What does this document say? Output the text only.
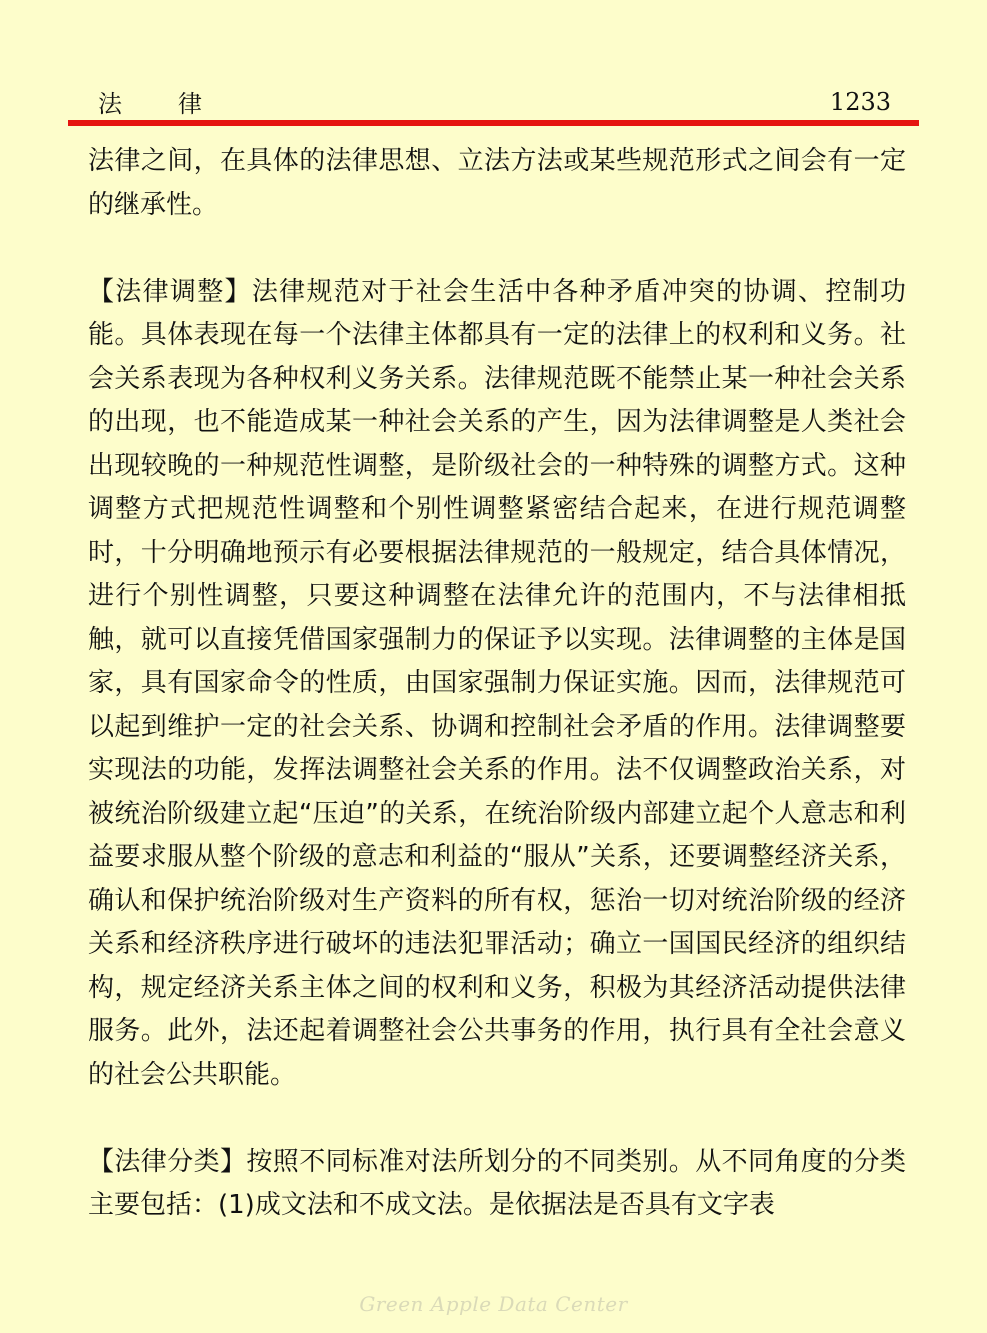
法律	1233

法律之间，在具体的法律思想、立法方法或某些规范形式之间会有一定的继承性。

【法律调整】法律规范对于社会生活中各种矛盾冲突的协调、控制功能。具体表现在每一个法律主体都具有一定的法律上的权利和义务。社会关系表现为各种权利义务关系。法律规范既不能禁止某一种社会关系的出现，也不能造成某一种社会关系的产生，因为法律调整是人类社会出现较晚的一种规范性调整，是阶级社会的一种特殊的调整方式。这种调整方式把规范性调整和个别性调整紧密结合起来，在进行规范调整时，十分明确地预示有必要根据法律规范的一般规定，结合具体情况，进行个别性调整，只要这种调整在法律允许的范围内，不与法律相抵触，就可以直接凭借国家强制力的保证予以实现。法律调整的主体是国家，具有国家命令的性质，由国家强制力保证实施。因而，法律规范可以起到维护一定的社会关系、协调和控制社会矛盾的作用。法律调整要实现法的功能，发挥法调整社会关系的作用。法不仅调整政治关系，对被统治阶级建立起“压迫”的关系，在统治阶级内部建立起个人意志和利益要求服从整个阶级的意志和利益的“服从”关系，还要调整经济关系，确认和保护统治阶级对生产资料的所有权，惩治一切对统治阶级的经济关系和经济秩序进行破坏的违法犯罪活动；确立一国国民经济的组织结构，规定经济关系主体之间的权利和义务，积极为其经济活动提供法律服务。此外，法还起着调整社会公共事务的作用，执行具有全社会意义的社会公共职能。

【法律分类】按照不同标准对法所划分的不同类别。从不同角度的分类主要包括：(1)成文法和不成文法。是依据法是否具有文字表

Green Apple Data Center
